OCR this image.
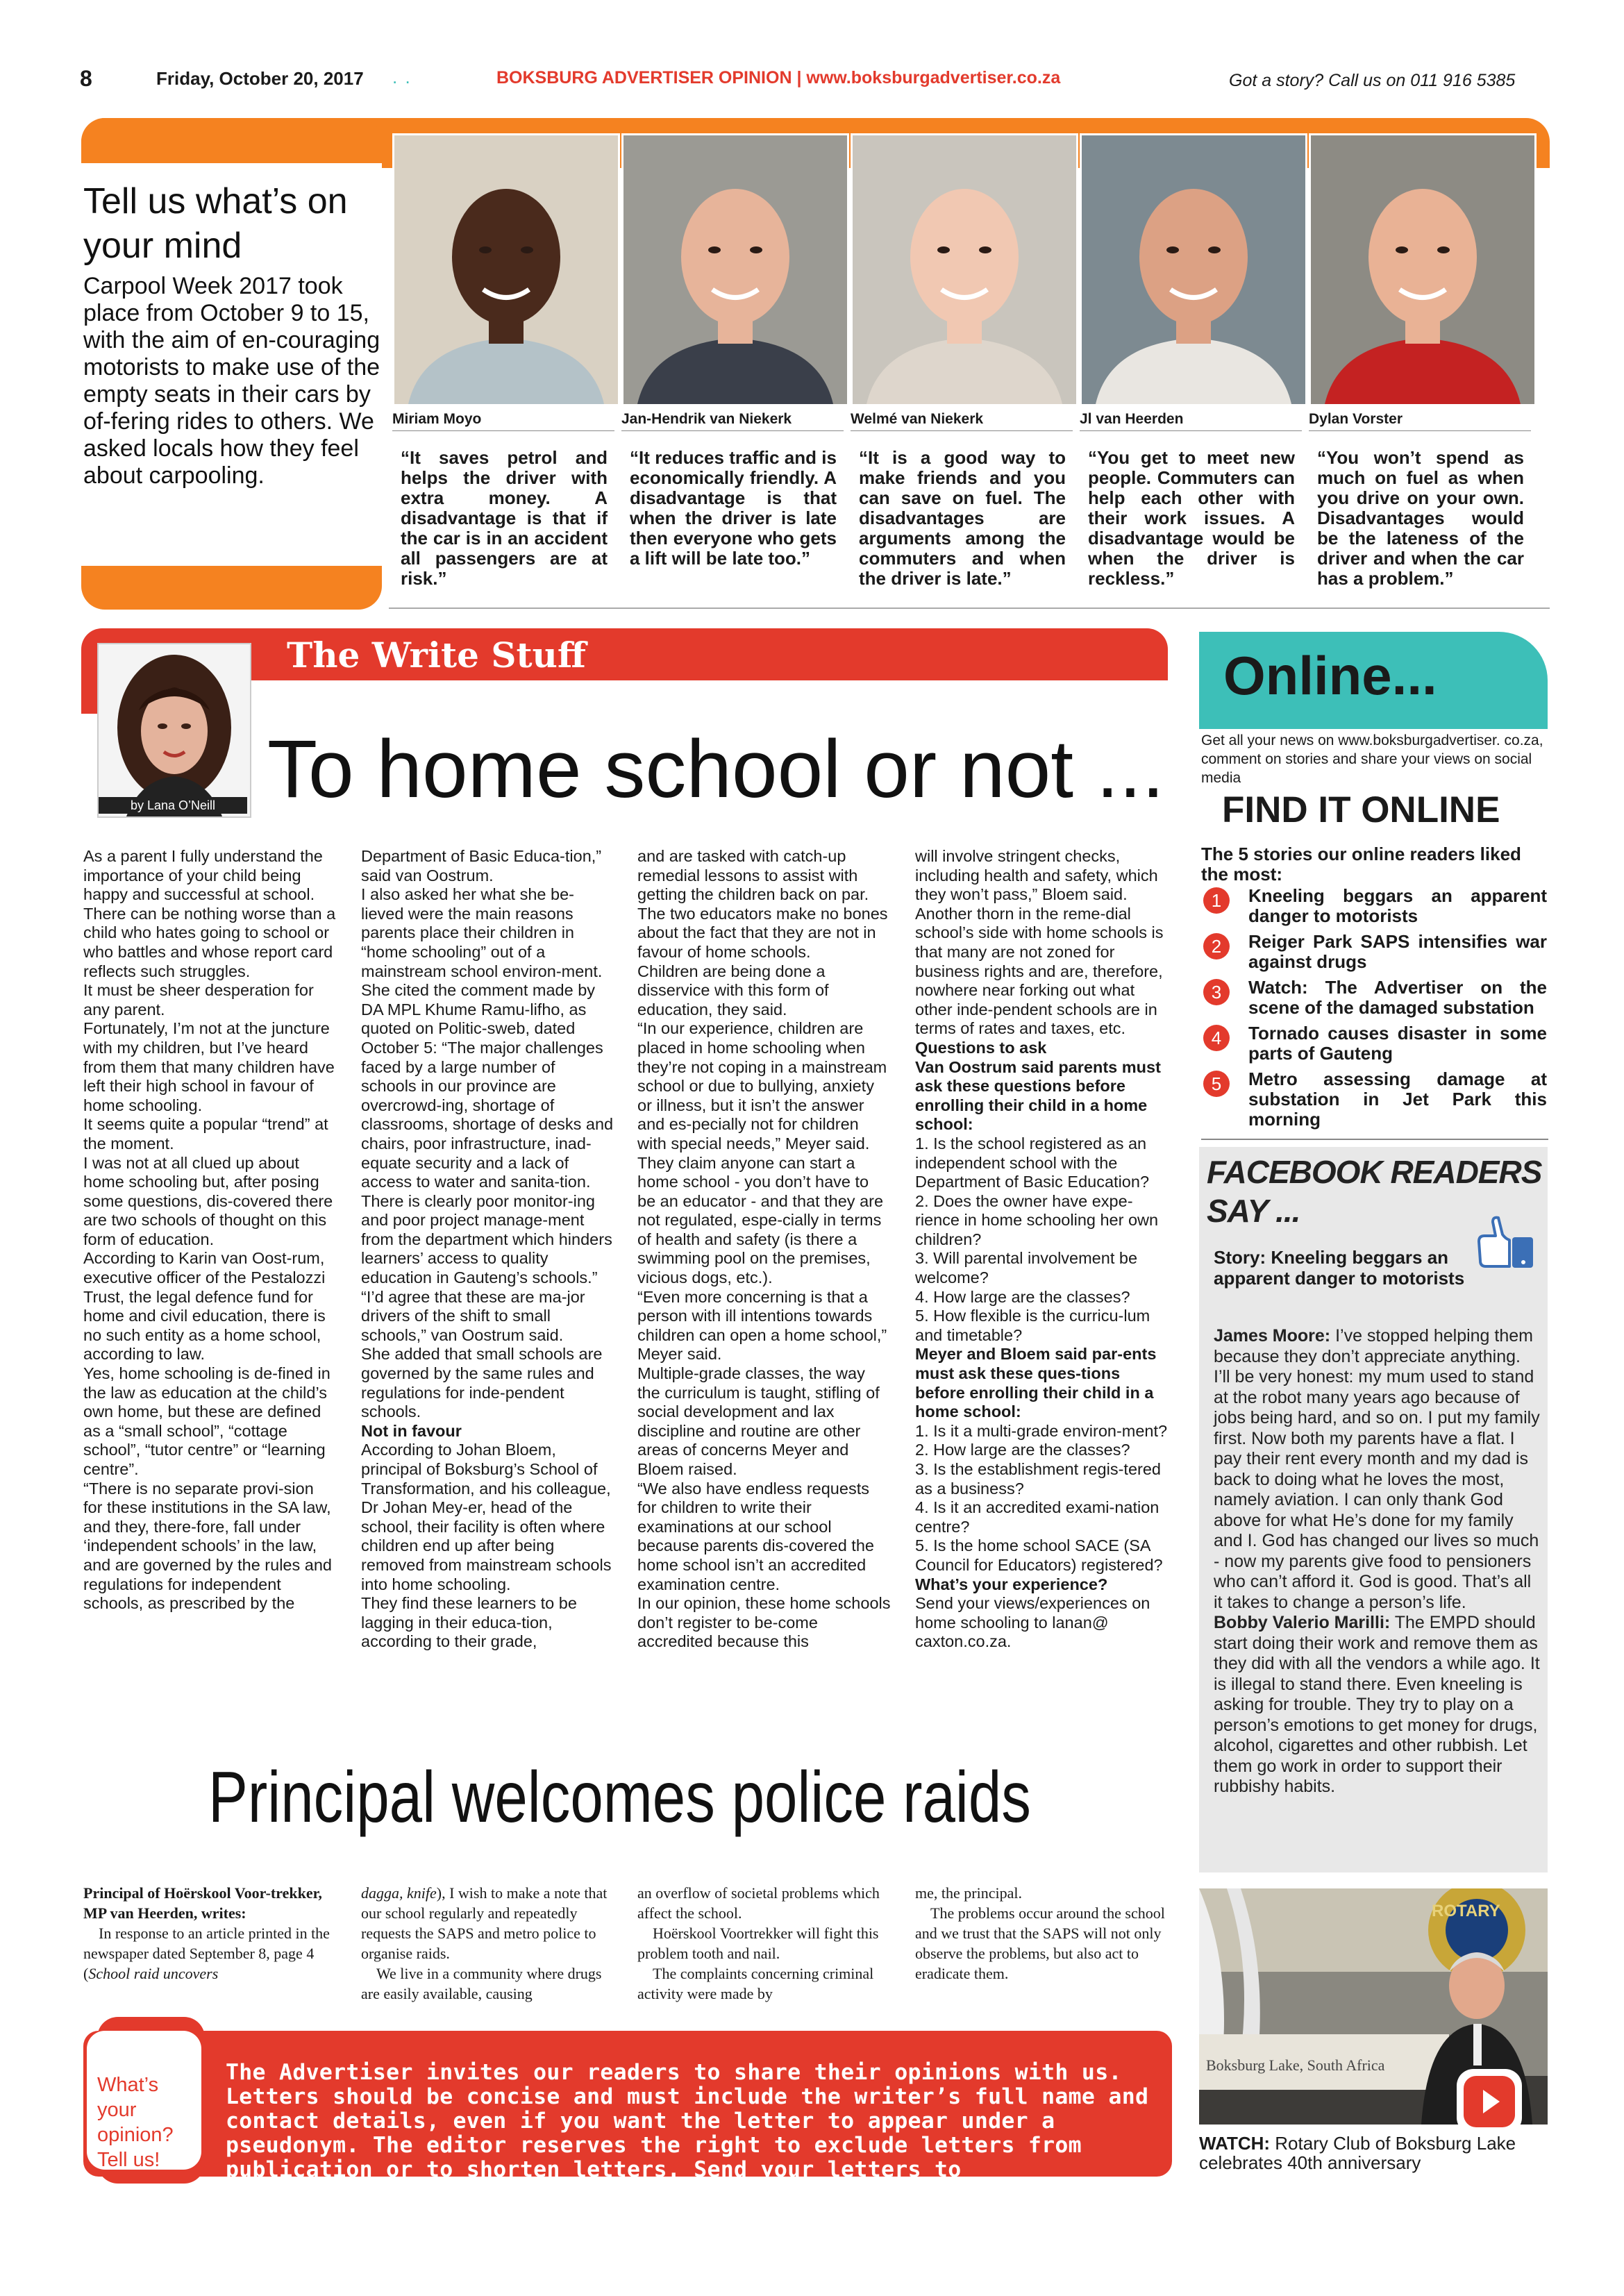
8	Friday, October 20, 2017 . .	BOKSBURG ADVERTISER OPINION | www.boksburgadvertiser.co.za	Got a story? Call us on 011 916 5385
Tell us what’s on your mind
Carpool Week 2017 took place from October 9 to 15, with the aim of en-couraging motorists to make use of the empty seats in their cars by of-fering rides to others. We asked locals how they feel about carpooling.
Miriam Moyo
“It saves petrol and helps the driver with extra money. A disadvantage is that if the car is in an accident all passengers are at risk.”
Jan-Hendrik van Niekerk
“It reduces traffic and is economically friendly. A disadvantage is that when the driver is late then everyone who gets a lift will be late too.”
Welmé van Niekerk
“It is a good way to make friends and you can save on fuel. The disadvantages are arguments among the commuters and when the driver is late.”
Jl van Heerden
“You get to meet new people. Commuters can help each other with their work issues. A disadvantage would be when the driver is reckless.”
Dylan Vorster
“You won’t spend as much on fuel as when you drive on your own. Disadvantages would be the lateness of the driver and when the car has a problem.”
The Write Stuff
by Lana O’Neill To home school or not ...

As a parent I fully understand the importance of your child being happy and successful at school.

There can be nothing worse than a child who hates going to school or who battles and whose report card reflects such struggles.

It must be sheer desperation for any parent.

Fortunately, I’m not at the juncture with my children, but I’ve heard from them that many children have left their high school in favour of home schooling.

It seems quite a popular “trend” at the moment.

I was not at all clued up about home schooling but, after posing some questions, dis-covered there are two schools of thought on this form of education.

According to Karin van Oost-rum, executive officer of the Pestalozzi Trust, the legal defence fund for home and civil education, there is no such entity as a home school, according to law.

Yes, home schooling is de-fined in the law as education at the child’s own home, but these are defined as a “small school”, “cottage school”, “tutor centre” or “learning centre”.

“There is no separate provi-sion for these institutions in the SA law, and they, there-fore, fall under ‘independent schools’ in the law, and are governed by the rules and regulations for independent schools, as prescribed by the

Department of Basic Educa-tion,” said van Oostrum.

I also asked her what she be-lieved were the main reasons parents place their children in “home schooling” out of a mainstream school environ-ment.

She cited the comment made by DA MPL Khume Ramu-lifho, as quoted on Politic-sweb, dated October 5: “The major challenges faced by a large number of schools in our province are overcrowd-ing, shortage of classrooms, shortage of desks and chairs, poor infrastructure, inad-equate security and a lack of access to water and sanita-tion.

There is clearly poor monitor-ing and poor project manage-ment from the department which hinders learners’ access to quality education in Gauteng’s schools.”

“I’d agree that these are ma-jor drivers of the shift to small schools,” van Oostrum said.

She added that small schools are governed by the same rules and regulations for inde-pendent schools.

Not in favour

According to Johan Bloem, principal of Boksburg’s School of Transformation, and his colleague, Dr Johan Mey-er, head of the school, their facility is often where children end up after being removed from mainstream schools into home schooling.

They find these learners to be lagging in their educa-tion, according to their grade,

and are tasked with catch-up remedial lessons to assist with getting the children back on par.

The two educators make no bones about the fact that they are not in favour of home schools.

Children are being done a disservice with this form of education, they said.

“In our experience, children are placed in home schooling when they’re not coping in a mainstream school or due to bullying, anxiety or illness, but it isn’t the answer and es-pecially not for children with special needs,” Meyer said.

They claim anyone can start a home school - you don’t have to be an educator - and that they are not regulated, espe-cially in terms of health and safety (is there a swimming pool on the premises, vicious dogs, etc.).

“Even more concerning is that a person with ill intentions towards children can open a home school,” Meyer said.

Multiple-grade classes, the way the curriculum is taught, stifling of social development and lax discipline and routine are other areas of concerns Meyer and Bloem raised.

“We also have endless requests for children to write their examinations at our school because parents dis-covered the home school isn’t an accredited examination centre.

In our opinion, these home schools don’t register to be-come accredited because this

will involve stringent checks, including health and safety, which they won’t pass,” Bloem said.

Another thorn in the reme-dial school’s side with home schools is that many are not zoned for business rights and are, therefore, nowhere near forking out what other inde-pendent schools are in terms of rates and taxes, etc.

Questions to ask

Van Oostrum said parents must ask these questions before enrolling their child in a home school:

1. Is the school registered as an independent school with the Department of Basic Education?

2. Does the owner have expe-rience in home schooling her own children?

3. Will parental involvement be welcome?

4. How large are the classes?

5. How flexible is the curricu-lum and timetable?

Meyer and Bloem said par-ents must ask these ques-tions before enrolling their child in a home school:

1. Is it a multi-grade environ-ment?

2. How large are the classes?

3. Is the establishment regis-tered as a business?

4. Is it an accredited exami-nation centre?

5. Is the home school SACE (SA Council for Educators) registered?

What’s your experience?

Send your views/experiences on home schooling to lanan@ caxton.co.za.

Principal welcomes police raids

Principal of Hoërskool Voor-trekker, MP van Heerden, writes:

In response to an article printed in the newspaper dated September 8, page 4 (School raid uncovers

dagga, knife), I wish to make a note that our school regularly and repeatedly requests the SAPS and metro police to organise raids.

We live in a community where drugs are easily available, causing

an overflow of societal problems which affect the school.

Hoërskool Voortrekker will fight this problem tooth and nail.

The complaints concerning criminal activity were made by

me, the principal.

The problems occur around the school and we trust that the SAPS will not only observe the problems, but also act to eradicate them.

What’s your opinion? Tell us!
The Advertiser invites our readers to share their opinions with us. Letters should be concise and must include the writer’s full name and contact details, even if you want the letter to appear under a pseudonym. The editor reserves the right to exclude letters from publication or to shorten letters. Send your letters to boksburgadvertiser@caxton.co.za.
Online...
Get all your news on www.boksburgadvertiser. co.za, comment on stories and share your views on social media
FIND IT ONLINE
The 5 stories our online readers liked the most:
1	Kneeling beggars an apparent danger to motorists
2	Reiger Park SAPS intensifies war against drugs
3	Watch: The Advertiser on the scene of the damaged substation
4	Tornado causes disaster in some parts of Gauteng
5	Metro assessing damage at substation in Jet Park this morning
FACEBOOK READERS
SAY ...
Story: Kneeling beggars an apparent danger to motorists

James Moore: I’ve stopped helping them because they don’t appreciate anything. I’ll be very honest: my mum used to stand at the robot many years ago because of jobs being hard, and so on. I put my family first. Now both my parents have a flat. I pay their rent every month and my dad is back to doing what he loves the most, namely aviation. I can only thank God above for what He’s done for my family and I. God has changed our lives so much - now my parents give food to pensioners who can’t afford it. God is good. That’s all it takes to change a person’s life.

Bobby Valerio Marilli: The EMPD should start doing their work and remove them as they did with all the vendors a while ago. It is illegal to stand there. Even kneeling is asking for trouble. They try to play on a person’s emotions to get money for drugs, alcohol, cigarettes and other rubbish. Let them go work in order to support their rubbishy habits.

ROTARY
Boksburg Lake, South Africa
WATCH: Rotary Club of Boksburg Lake celebrates 40th anniversary
